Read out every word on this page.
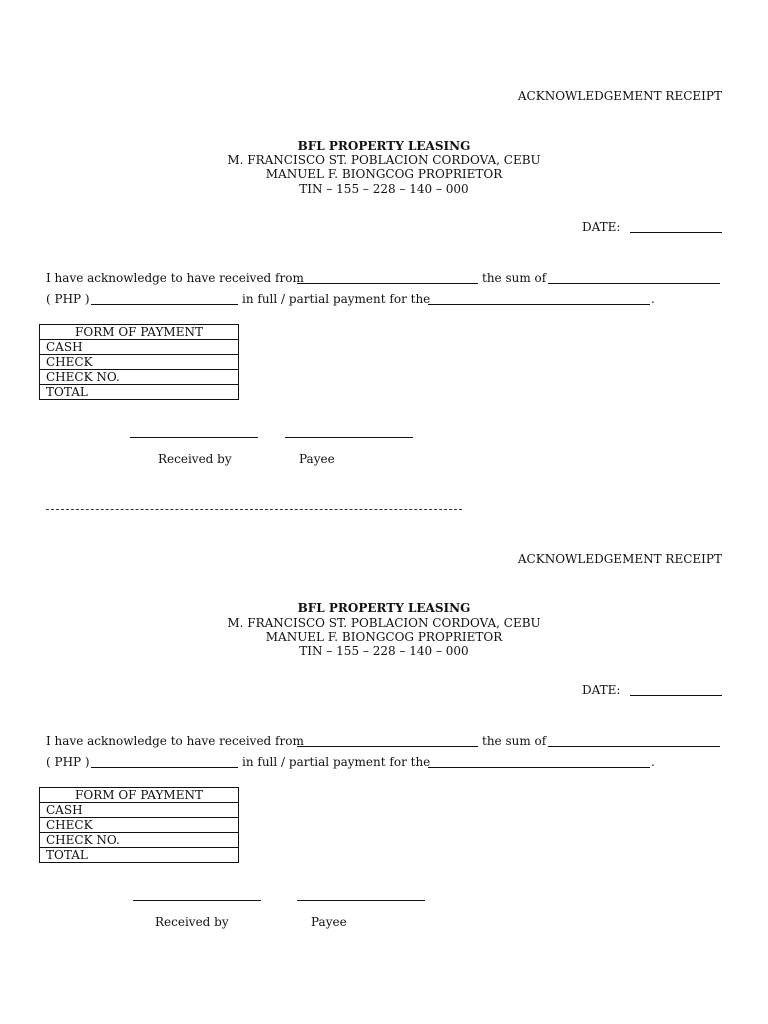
ACKNOWLEDGEMENT RECEIPT
BFL PROPERTY LEASING
M. FRANCISCO ST. POBLACION CORDOVA, CEBU
MANUEL F. BIONGCOG PROPRIETOR
TIN – 155 – 228 – 140 – 000
DATE:
I have acknowledge to have received from	the sum of
( PHP )	in full / partial payment for the	.
FORM OF PAYMENT
CASH
CHECK
CHECK NO.
TOTAL
Received by	Payee
ACKNOWLEDGEMENT RECEIPT
BFL PROPERTY LEASING
M. FRANCISCO ST. POBLACION CORDOVA, CEBU
MANUEL F. BIONGCOG PROPRIETOR
TIN – 155 – 228 – 140 – 000
DATE:
I have acknowledge to have received from	the sum of
( PHP )	in full / partial payment for the	.
FORM OF PAYMENT
CASH
CHECK
CHECK NO.
TOTAL
Received by	Payee
